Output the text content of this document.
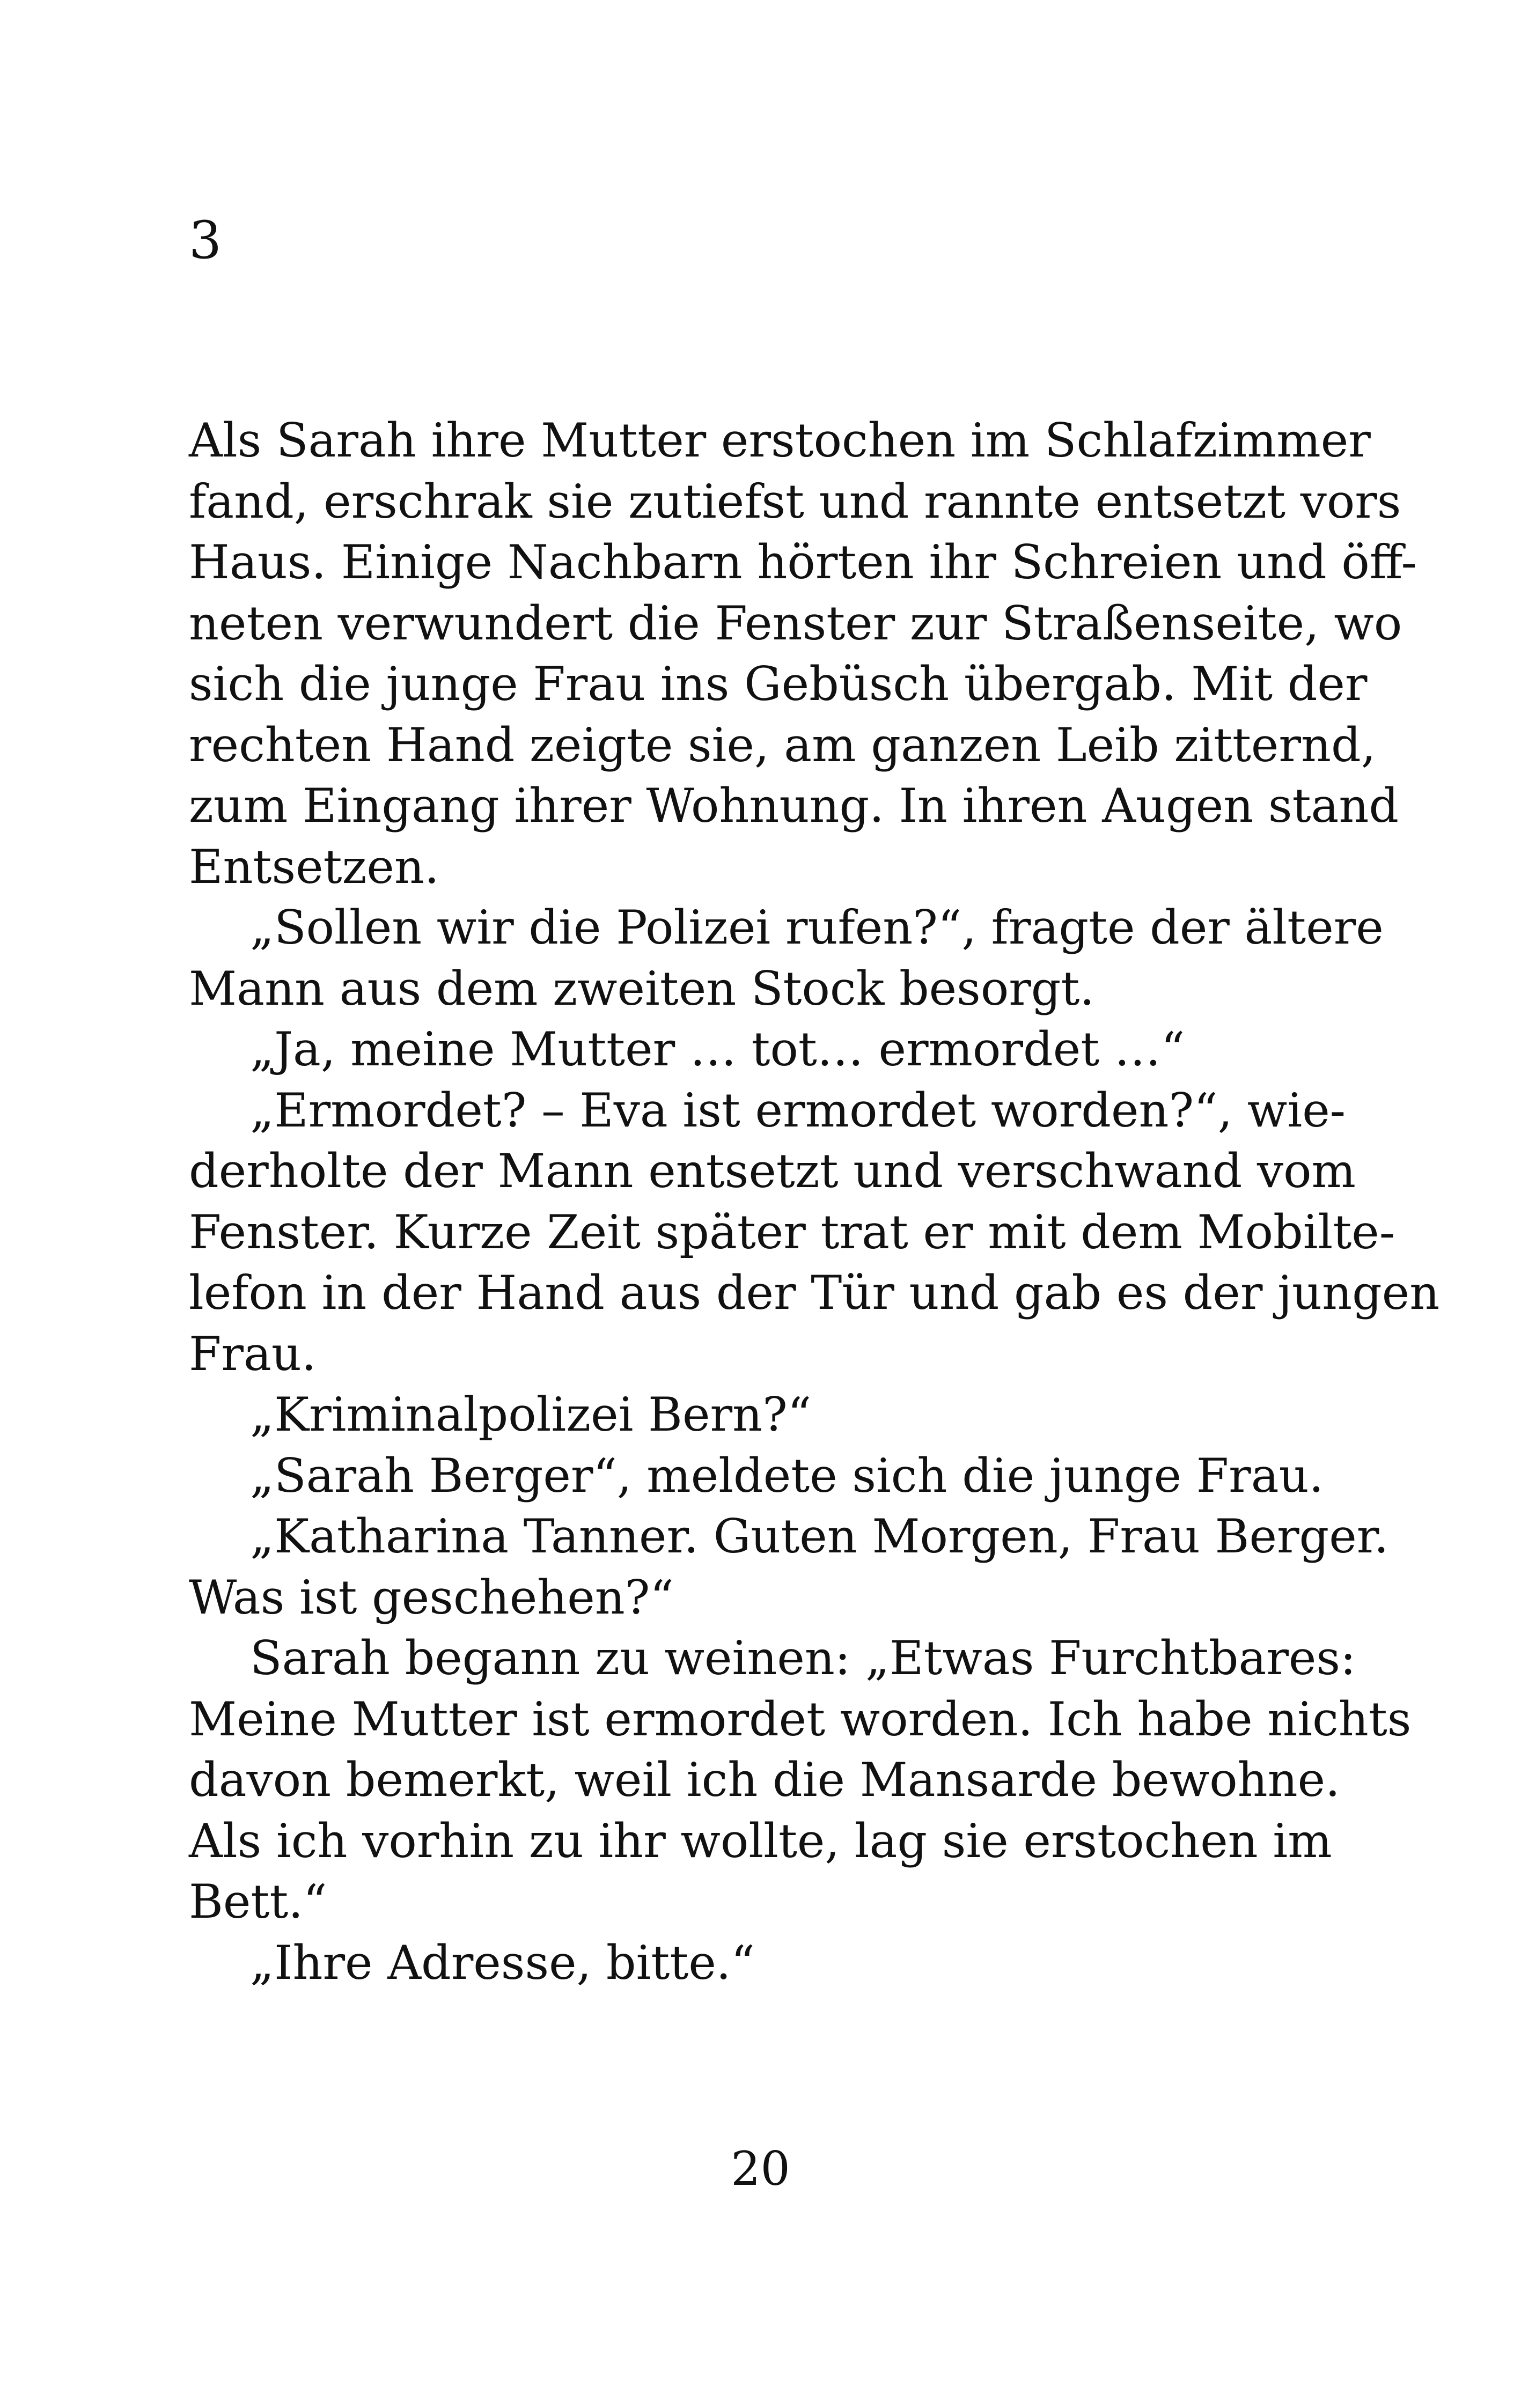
3
Als Sarah ihre Mutter erstochen im Schlafzimmer
fand, erschrak sie zutiefst und rannte entsetzt vors
Haus. Einige Nachbarn hörten ihr Schreien und öff-
neten verwundert die Fenster zur Straßenseite, wo
sich die junge Frau ins Gebüsch übergab. Mit der
rechten Hand zeigte sie, am ganzen Leib zitternd,
zum Eingang ihrer Wohnung. In ihren Augen stand
Entsetzen.
„Sollen wir die Polizei rufen?“, fragte der ältere
Mann aus dem zweiten Stock besorgt.
„Ja, meine Mutter … tot… ermordet …“
„Ermordet? – Eva ist ermordet worden?“, wie-
derholte der Mann entsetzt und verschwand vom
Fenster. Kurze Zeit später trat er mit dem Mobilte-
lefon in der Hand aus der Tür und gab es der jungen
Frau.
„Kriminalpolizei Bern?“
„Sarah Berger“, meldete sich die junge Frau.
„Katharina Tanner. Guten Morgen, Frau Berger.
Was ist geschehen?“
Sarah begann zu weinen: „Etwas Furchtbares:
Meine Mutter ist ermordet worden. Ich habe nichts
davon bemerkt, weil ich die Mansarde bewohne.
Als ich vorhin zu ihr wollte, lag sie erstochen im
Bett.“
„Ihre Adresse, bitte.“
20
